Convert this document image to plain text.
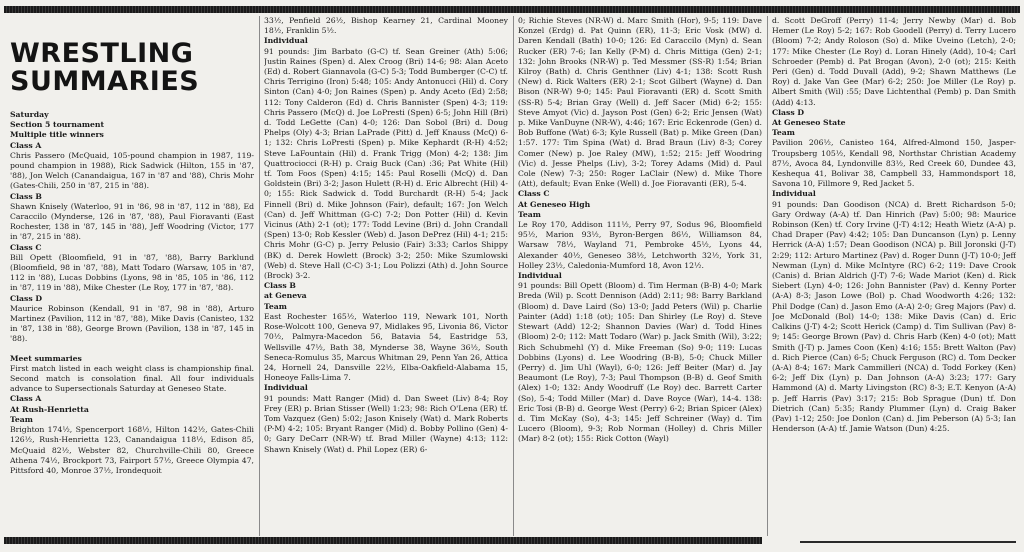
WRESTLING
SUMMARIES
Saturday
Section 5 tournament
Multiple title winners
Class A
Chris Passero (McQuaid, 105-pound champion in 1987, 119-pound champion in 1988), Rick Sadwick (Hilton, 155 in '87, '88), Jon Welch (Canandaigua, 167 in '87 and '88), Chris Mohr (Gates-Chili, 250 in '87, 215 in '88).
Class B
Shawn Knisely (Waterloo, 91 in '86, 98 in '87, 112 in '88), Ed Caraccilo (Mynderse, 126 in '87, '88), Paul Fioravanti (East Rochester, 138 in '87, 145 in '88), Jeff Woodring (Victor, 177 in '87, 215 in '88).
Class C
Bill Opett (Bloomfield, 91 in '87, '88), Barry Barklund (Bloomfield, 98 in '87, '88), Matt Todaro (Warsaw, 105 in '87, 112 in '88), Lucas Dobbins (Lyons, 98 in '85, 105 in '86, 112 in '87, 119 in '88), Mike Chester (Le Roy, 177 in '87, '88).
Class D
Maurice Robinson (Kendall, 91 in '87, 98 in '88), Arturo Martinez (Pavilion, 112 in '87, '88), Mike Davis (Canisteo, 132 in '87, 138 in '88), George Brown (Pavilion, 138 in '87, 145 in '88).
Meet summaries
First match listed in each weight class is championship final. Second match is consolation final. All four individuals advance to Supersectionals Saturday at Geneseo State.
Class A
At Rush-Henrietta
Team
Brighton 174½, Spencerport 168½, Hilton 142½, Gates-Chili 126½, Rush-Henrietta 123, Canandaigua 118½, Edison 85, McQuaid 82½, Webster 82, Churchville-Chili 80, Greece Athena 74½, Brockport 73, Fairport 57½, Greece Olympia 47, Pittsford 40, Monroe 37½, Irondequoit
33½, Penfield 26½, Bishop Kearney 21, Cardinal Mooney 18½, Franklin 5½.
Individual
91 pounds: Jim Barbato (G-C) tf. Sean Greiner (Ath) 5:06; Justin Raines (Spen) d. Alex Croog (Bri) 14-6; 98: Alan Aceto (Ed) d. Robert Giannavola (G-C) 5-3; Todd Bumberger (C-C) tf. Chris Terrigino (Iron) 5:48; 105: Andy Antonucci (Hil) d. Cory Sinton (Can) 4-0; Jon Raines (Spen) p. Andy Aceto (Ed) 2:58; 112: Tony Calderon (Ed) d. Chris Bannister (Spen) 4-3; 119: Chris Passero (McQ) d. Joe LoPresti (Spen) 6-5; John Hill (Bri) d. Todd LeGette (Can) 4-0; 126: Dan Sobol (Bri) d. Doug Phelps (Oly) 4-3; Brian LaPrade (Pitt) d. Jeff Knauss (McQ) 6-1; 132: Chris LoPresti (Spen) p. Mike Kephardt (R-H) 4:52; Steve LaFountain (Hil) d. Frank Trigg (Mon) 4-2; 138: Jim Quattrociocci (R-H) p. Craig Buck (Can) :36; Pat White (Hil) tf. Tom Foos (Spen) 4:15; 145: Paul Roselli (McQ) d. Dan Goldstein (Bri) 3-2; Jason Hulett (R-H) d. Eric Albrecht (Hil) 4-0; 155: Rick Sadwick d. Todd Burchardt (R-H) 5-4; Jack Finnell (Bri) d. Mike Johnson (Fair), default; 167: Jon Welch (Can) d. Jeff Whittman (G-C) 7-2; Don Potter (Hil) d. Kevin Vicinus (Ath) 2-1 (ot); 177: Todd Levine (Bri) d. John Crandall (Spen) 13-0; Rob Kessler (Web) d. Jason DePrez (Hil) 4-1; 215: Chris Mohr (G-C) p. Jerry Pelusio (Fair) 3:33; Carlos Shippy (BK) d. Derek Howlett (Brock) 3-2; 250: Mike Szumlowski (Web) d. Steve Hall (C-C) 3-1; Lou Polizzi (Ath) d. John Source (Brock) 3-2.
Class B
at Geneva
Team
East Rochester 165½, Waterloo 119, Newark 101, North Rose-Wolcott 100, Geneva 97, Midlakes 95, Livonia 86, Victor 70½, Palmyra-Macedon 56, Batavia 54, Eastridge 53, Wellsville 47½, Bath 38, Mynderse 38, Wayne 36½, South Seneca-Romulus 35, Marcus Whitman 29, Penn Yan 26, Attica 24, Hornell 24, Dansville 22½, Elba-Oakfield-Alabama 15, Honeoye Falls-Lima 7.
Individual
91 pounds: Matt Ranger (Mid) d. Dan Sweet (Liv) 8-4; Roy Frey (ER) p. Brian Stisser (Well) 1:23; 98: Rich O'Lena (ER) tf. Tom Vazquez (Gen) 5:02; Jason Knisely (Wat) d. Mark Roberts (P-M) 4-2; 105: Bryant Ranger (Mid) d. Bobby Pollino (Gen) 4-0; Gary DeCarr (NR-W) tf. Brad Miller (Wayne) 4:13; 112: Shawn Knisely (Wat) d. Phil Lopez (ER) 6-
0; Richie Steves (NR-W) d. Marc Smith (Hor), 9-5; 119: Dave Konzel (Erdg) d. Pat Quinn (ER), 11-3; Eric Vosk (MW) d. Daren Kendall (Bath) 10-0; 126: Ed Caraccilo (Myn) d. Sean Rucker (ER) 7-6; Ian Kelly (P-M) d. Chris Mittiga (Gen) 2-1; 132: John Brooks (NR-W) p. Ted Messmer (SS-R) 1:54; Brian Kilroy (Bath) d. Chris Genthner (Liv) 4-1; 138: Scott Rush (New) d. Rick Walters (ER) 2-1; Scot Gilbert (Wayne) d. Dan Bison (NR-W) 9-0; 145: Paul Fioravanti (ER) d. Scott Smith (SS-R) 5-4; Brian Gray (Well) d. Jeff Sacer (Mid) 6-2; 155: Steve Amyot (Vic) d. Jayson Post (Gen) 6-2; Eric Jensen (Wat) p. Mike VanDuyne (NR-W), 4:46; 167: Eric Eckenrode (Gen) d. Bob Buffone (Wat) 6-3; Kyle Russell (Bat) p. Mike Green (Dan) 1:57. 177: Tim Spina (Wat) d. Brad Braun (Liv) 8-3; Corey Comer (New) p. Joe Raley (MW), 1:52; 215: Jeff Woodring (Vic) d. Jesse Phelps (Liv), 3-2; Torey Adams (Mid) d. Paul Cole (New) 7-3; 250: Roger LaClair (New) d. Mike Thore (Att), default; Evan Enke (Well) d. Joe Fioravanti (ER), 5-4.
Class C
At Geneseo High
Team
Le Roy 170, Addison 111½, Perry 97, Sodus 96, Bloomfield 95½, Marion 93½, Byron-Bergen 86½, Williamson 84, Warsaw 78½, Wayland 71, Pembroke 45½, Lyons 44, Alexander 40½, Geneseo 38½, Letchworth 32½, York 31, Holley 23½, Caledonia-Mumford 18, Avon 12½.
Individual
91 pounds: Bill Opett (Bloom) d. Tim Herman (B-B) 4-0; Mark Breda (Wil) p. Scott Dennison (Add) 2:11; 98: Barry Barkland (Bloom) d. Dave Laird (So) 13-0; Jadd Peters (Wil) p. Charlie Painter (Add) 1:18 (ot); 105: Dan Shirley (Le Roy) d. Steve Stewart (Add) 12-2; Shannon Davies (War) d. Todd Hines (Bloom) 2-0; 112: Matt Todaro (War) p. Jack Smith (Wil), 3:22; Rich Schubmehl (Y) d. Mike Freeman (So) 9-0; 119: Lucas Dobbins (Lyons) d. Lee Woodring (B-B), 5-0; Chuck Miller (Perry) d. Jim Uhl (Wayl), 6-0; 126: Jeff Beiter (Mar) d. Jay Beaumont (Le Roy), 7-3; Paul Thompson (B-B) d. Geof Smith (Alex) 1-0; 132: Andy Woodruff (Le Roy) dec. Barrett Carter (So), 5-4; Todd Miller (Mar) d. Dave Royce (War), 14-4. 138: Eric Tosi (B-B) d. George West (Perry) 6-2; Brian Spicer (Alex) d. Tim McKay (So), 4-3; 145: Jeff Schreiner (Way) d. Tim Lucero (Bloom), 9-3; Rob Norman (Holley) d. Chris Miller (Mar) 8-2 (ot); 155: Rick Cotton (Wayl)
d. Scott DeGroff (Perry) 11-4; Jerry Newby (Mar) d. Bob Hemer (Le Roy) 5-2; 167: Rob Goodell (Perry) d. Terry Lucero (Bloom) 7-2; Andy Roloson (So) d. Mike Uveino (Letch), 2-0; 177: Mike Chester (Le Roy) d. Loran Hinely (Add), 10-4; Carl Schroeder (Pemb) d. Pat Brogan (Avon), 2-0 (ot); 215: Keith Peri (Gen) d. Todd Duvall (Add), 9-2; Shawn Matthews (Le Roy) d. Jake Van Gee (Mar) 6-2; 250: Joe Miller (Le Roy) p. Albert Smith (Wil) :55; Dave Lichtenthal (Pemb) p. Dan Smith (Add) 4:13.
Class D
At Geneseo State
Team
Pavilion 206½, Canisteo 164, Alfred-Almond 150, Jasper-Troupsberg 105½, Kendall 98, Northstar Christian Academy 87½, Avoca 84, Lyndonville 83½, Red Creek 60, Dundee 43, Keshequa 41, Bolivar 38, Campbell 33, Hammondsport 18, Savona 10, Fillmore 9, Red Jacket 5.
Individual
91 pounds: Dan Goodison (NCA) d. Brett Richardson 5-0; Gary Ordway (A-A) tf. Dan Hinrich (Pav) 5:00; 98: Maurice Robinson (Ken) tf. Cory Irvine (J-T) 4:12; Heath Wietz (A-A) p. Chad Draper (Pav) 4:42; 105: Dan Duncanson (Lyn) p. Lenny Herrick (A-A) 1:57; Dean Goodison (NCA) p. Bill Joronski (J-T) 2:29; 112: Arturo Martinez (Pav) d. Roger Dunn (J-T) 10-0; Jeff Newman (Lyn) d. Mike McIntyre (RC) 6-2; 119: Dave Crook (Canis) d. Brian Aldrich (J-T) 7-6; Wade Mariot (Ken) d. Rick Siebert (Lyn) 4-0; 126: John Bannister (Pav) d. Kenny Porter (A-A) 8-3; Jason Lowe (Bol) p. Chad Woodworth 4:26; 132: Phil Dodge (Can) d. Jason Emo (A-A) 2-0; Greg Majors (Pav) d. Joe McDonald (Bol) 14-0; 138: Mike Davis (Can) d. Eric Calkins (J-T) 4-2; Scott Herick (Camp) d. Tim Sullivan (Pav) 8-9; 145: George Brown (Pav) d. Chris Harb (Ken) 4-0 (ot); Matt Smith (J-T) p. James Coon (Ken) 4:16; 155: Brett Walton (Pav) d. Rich Pierce (Can) 6-5; Chuck Ferguson (RC) d. Tom Decker (A-A) 8-4; 167: Mark Cammilleri (NCA) d. Todd Forkey (Ken) 6-2; Jeff Dix (Lyn) p. Dan Johnson (A-A) 3:23; 177: Gary Hammond (A) d. Marty Livingston (RC) 8-3; E.T. Kenyon (A-A) p. Jeff Harris (Pav) 3:17; 215: Bob Sprague (Dun) tf. Don Dietrich (Can) 5:35; Randy Plummer (Lyn) d. Craig Baker (Pav) 1-12; 250: Joe Donlon (Can) d. Jim Peberson (A) 5-3; Ian Henderson (A-A) tf. Jamie Watson (Dun) 4:25.
